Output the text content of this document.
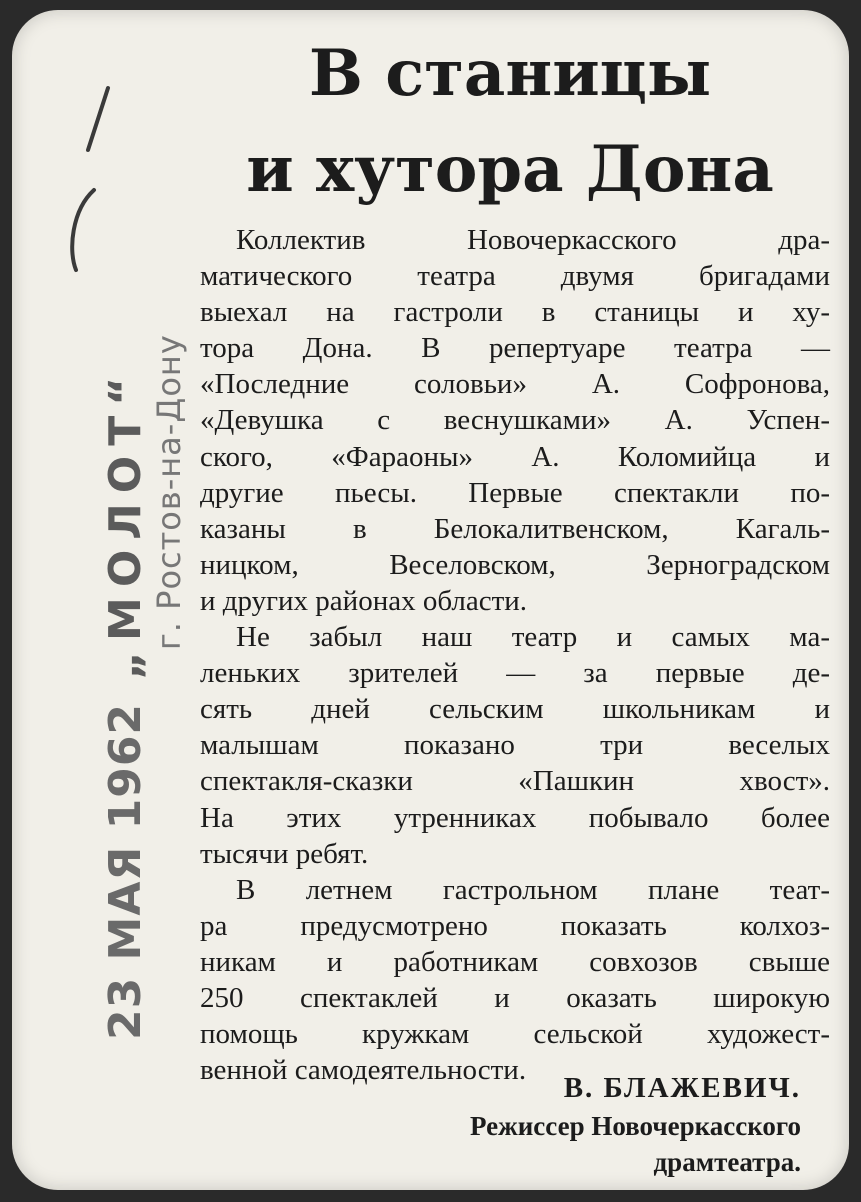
23 МАЯ 1962 „МОЛОТ“ г. Ростов-на-Дону
В станицы
и хутора Дона
Коллектив Новочеркасского дра-
матического театра двумя бригадами
выехал на гастроли в станицы и ху-
тора Дона. В репертуаре театра —
«Последние соловьи» А. Софронова,
«Девушка с веснушками» А. Успен-
ского, «Фараоны» А. Коломийца и
другие пьесы. Первые спектакли по-
казаны в Белокалитвенском, Кагаль-
ницком, Веселовском, Зерноградском
и других районах области.
Не забыл наш театр и самых ма-
леньких зрителей — за первые де-
сять дней сельским школьникам и
малышам показано три веселых
спектакля-сказки «Пашкин хвост».
На этих утренниках побывало более
тысячи ребят.
В летнем гастрольном плане теат-
ра предусмотрено показать колхоз-
никам и работникам совхозов свыше
250 спектаклей и оказать широкую
помощь кружкам сельской художест-
венной самодеятельности.
В. БЛАЖЕВИЧ.
Режиссер Новочеркасского
драмтеатра.
